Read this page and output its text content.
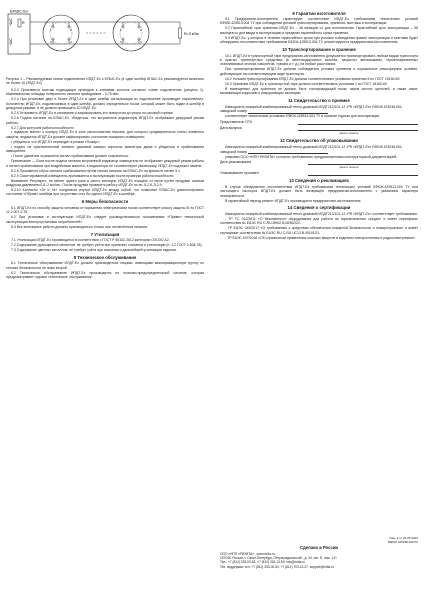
БПШС-Ех
+ШС
−ШС
R
1	2
3	4
1	2
3	4
R=3 кОм

Рисунок 1 – Рекомендуемая схема подключения ИПДТ-Ех к БПШС-Ех (в один шлейф БПШС-Ех рекомендуется включать не более 10 ИПДТ-Ех)

5.2.3 Произвести монтаж подводящих проводов к клеммам колонок согласно схеме подключения (рисунок 1). Максимальная площадь поперечного сечения проводников – 0,75 мм².

5.2.4 При установке двух и более ИПДТ-Ех в один шлейф сигнализации их подключение производят параллельно. Количество ИПДТ-Ех, подключаемых в один шлейф, должно определяться током, который может быть подан в шлейф в дежурном режиме, и не должно превышать 10 ИПДТ-Ех.

5.2.5 Установить ИПДТ-Ех в основание и зафиксировать его поворотом до упора по часовой стрелке.

5.2.6 Подать питание на БПШС-Ех. Убедиться, что встроенные индикаторы ИПДТ-Ех отображают дежурный режим работы.

5.2.7 Для контроля работоспособности:

• подвести магнит к корпусу ИПДТ-Ех в зоне расположения геркона, для которого предварительно сняты элементы защиты; индикатор ИПДТ-Ех должен зафиксировать состояние пожарного извещения;

• убедиться, что ИПДТ-Ех переходит в режим «Пожар»;

• подать на чувствительный элемент дымовой камеры аэрозоль имитатора дыма и убедиться в срабатывании извещателя.

• После удаления отражателя сигнал срабатывания должен сохраниться.

Примечание — Если после подачи питания встроенный индикатор извещателя не отображает дежурный режим работы и сигнал срабатывания при воздействии магнита, а индикаторы не соответствуют указанному, ИПДТ-Ех подлежит замене.

5.2.8 Произвести сброс сигнала срабатывания путём снятия питания на БПШС-Ех на время не менее 5 с.

5.2.9 Смонтированный извещатель принимается в эксплуатацию после проверки работоспособности.

Внимание! Регулярно, не менее одного раза в шесть месяцев, ИПДТ-Ех очищать от пыли путём продувки сжатым воздухом давлением 0,5–2 кгс/см². После продувки проверить работу ИПДТ-Ех по пп. 5.2.6–5.2.9.

5.2.10 Контакты «3» и «4» соединены внутри ИПДТ-Ех между собой, что позволяет БПШС-Ех диагностировать состояние «Обрыв» шлейфа при отсутствии хотя бы одного ИПДТ-Ех в шлейфе.

6 Меры безопасности

6.1 ИПДТ-Ех по способу защиты человека от поражения электрическим током соответствует классу защиты III по ГОСТ 12.2.007.0-75.

6.2 При установке и эксплуатации ИПДТ-Ех следует руководствоваться положениями «Правил технической эксплуатации электроустановок потребителей».

6.3 Все монтажные работы должны производиться только при отключённом питании.

7 Утилизация

7.1 Утилизация ИПДТ-Ех производится в соответствии с ГОСТ Р 55102-2012 категории ОЗОЗО А2.

7.2 Содержание драгоценных металлов: не требует учёта при хранении, списании и утилизации (п. 1.2 ГОСТ 2.608-78).

7.3 Содержание цветных металлов: не требует учёта при списании и дальнейшей утилизации изделия.

8 Техническое обслуживание

8.1 Техническое обслуживание ИПДТ-Ех должно производиться лицами, имеющими квалификационную группу по технике безопасности не ниже второй.

8.2 Техническое обслуживание ИПДТ-Ех производится по планово-предупредительной системе, которая предусматривает годовое техническое обслуживание.

9 Гарантии изготовителя

9.1 Предприятие-изготовитель гарантирует соответствие ИПДТ-Ех требованиям технических условий БФЮК.425513.004 ТУ при соблюдении условий транспортирования, хранения, монтажа и эксплуатации.

9.2 Гарантийный срок хранения ИПДТ-Ех – 48 месяцев со дня изготовления. Гарантийный срок эксплуатации – 36 месяцев со дня ввода в эксплуатацию в пределах гарантийного срока хранения.

9.3 ИПДТ-Ех, у которых в течение гарантийного срока при условии соблюдения правил эксплуатации и монтажа будет обнаружено несоответствие требованиям БФЮК.425513.004 ТУ, ремонтируются предприятием-изготовителем.

10 Транспортирование и хранение

10.1 ИПДТ-Ех в транспортной таре предприятия-изготовителя допускается транспортировать любым видом транспорта в крытых транспортных средствах (в железнодорожных вагонах, закрытых автомашинах, герметизированных отапливаемых отсеках самолётов, трюмах и т. д.) на любые расстояния.

При транспортировании ИПДТ-Ех должны соблюдаться условия хранения и нормальные атмосферные условия, действующие на соответствующем виде транспорта.

10.2 Условия транспортирования ИПДТ-Ех должны соответствовать условиям хранения 5 по ГОСТ 15150-69.

10.3 Хранение ИПДТ-Ех в транспортной таре должно соответствовать условиям 1 по ГОСТ 15150-69.

В помещениях для хранения не должно быть токопроводящей пыли, паров кислот, щелочей, а также газов, вызывающих коррозию и разрушающих изоляцию.

11 Свидетельство о приемке

Извещатель пожарный комбинированный тепло-дымовой ИПДТ212/101-12 -PR «ИПДТ-Ех» БФЮК.425238.001,

заводской номер

соответствует техническим условиям БФЮК.425513.004 ТУ и признан годным для эксплуатации.

Представитель ОТК
Дата выпуска
(место печати)
12 Свидетельство об упаковывании

Извещатель пожарный комбинированный тепло-дымовой ИПДТ212/101-12 -PR «ИПДТ-Ех» БФЮК.425238.001,

заводской номер

упакован ООО «НПП РИЗИТА» согласно требованиям, предусмотренным конструкторской документацией.

Дата упаковывания
(место печати)
Упаковывание произвел
13 Сведения о рекламациях

В случае обнаружения несоответствия ИПДТ-Ех требованиям технических условий БФЮК.425513.004 ТУ или настоящего паспорта ИПДТ-Ех должен быть возвращён предприятию-изготовителю с указанием характера неисправности.

В гарантийный период ремонт ИПДТ-Ех производится предприятием-изготовителем.

14 Сведения о сертификации

Извещатель пожарный комбинированный тепло-дымовой ИПДТ212/101-12 -PR «ИПДТ-Ех» соответствует требованиям:

- ТР ТС 012/2011 «О безопасности оборудования для работы во взрывоопасных средах» и имеет сертификат соответствия № ЕАЭС RU С-RU.ВН02.В.00962/24.

- ТР ЕАЭС 043/2017 «О требованиях к средствам обеспечения пожарной безопасности и пожаротушения» и имеет сертификат соответствия № ЕАЭС RU C-RU.ЧС13.В.00191/21.

- ТР ЕАЭС 037/2016 «Об ограничении применения опасных веществ в изделиях электротехники и радиоэлектроники».

Изм. 3 от 03.05.2024
БФЮК.425238.001ПС
Сделано в России
ООО «НПП «РИЗИТА» , www.rizita.ru
197046, Россия, г. Санкт-Петербург, Петроградская наб., д. 34, лит. Б, пом. 1-Н
Тел.: +7 (812) 333-00-62, +7 (812) 318-13-60; info@rizita.ru
Тех. поддержка: тел. +7 (812) 333-00-53, +7 (812) 703-13-27; support@rizita.ru
